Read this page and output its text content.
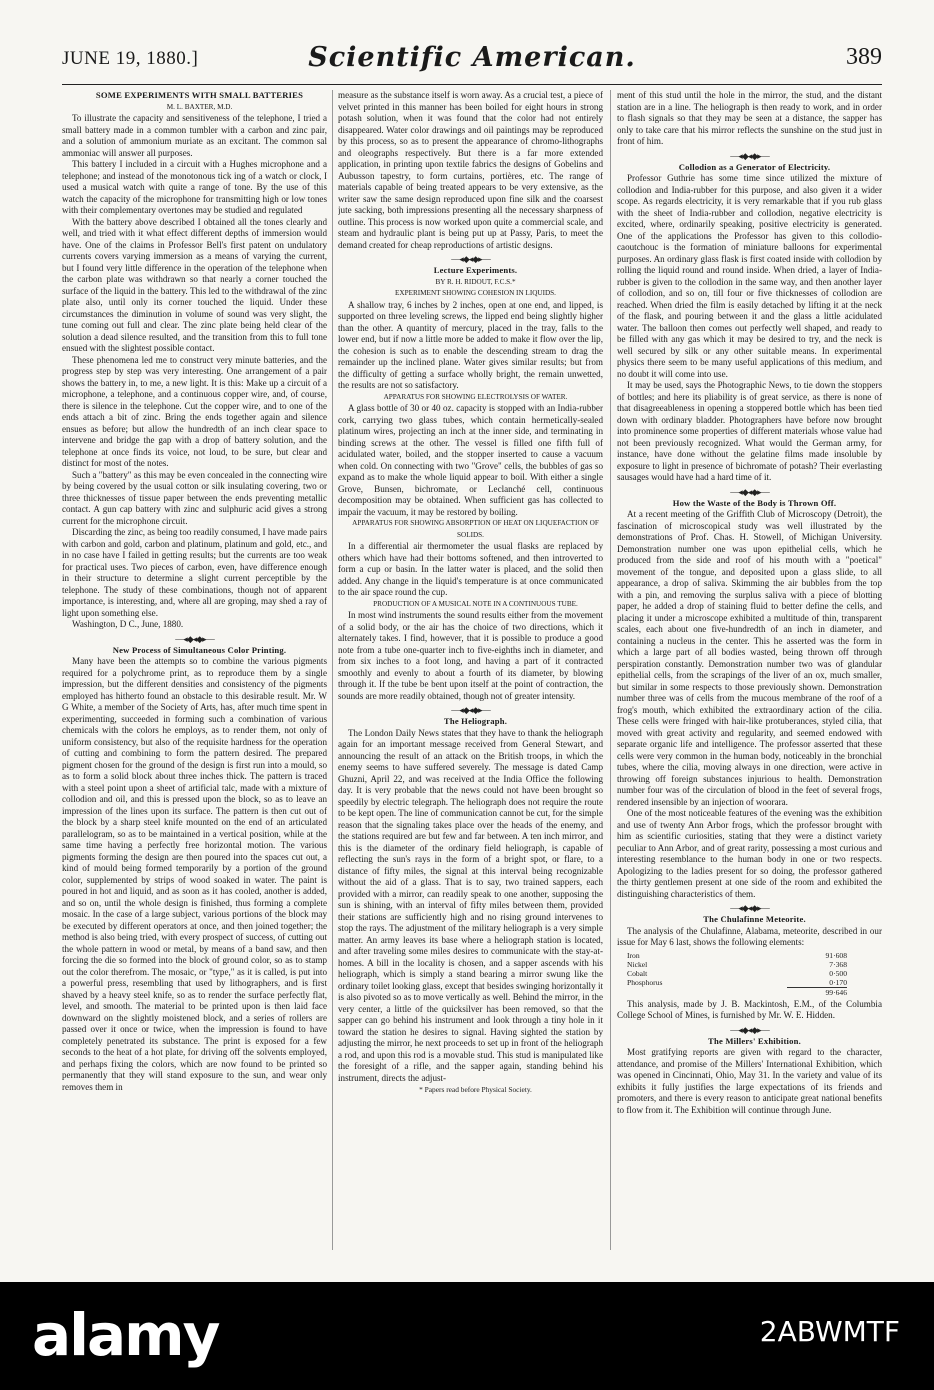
JUNE 19, 1880.]	Scientific American.	389

SOME EXPERIMENTS WITH SMALL BATTERIES

M. L. BAXTER, M.D.

To illustrate the capacity and sensitiveness of the telephone, I tried a small battery made in a common tumbler with a carbon and zinc pair, and a solution of ammonium muriate as an excitant. The common sal ammoniac will answer all purposes.

This battery I included in a circuit with a Hughes microphone and a telephone; and instead of the monotonous tick ing of a watch or clock, I used a musical watch with quite a range of tone. By the use of this watch the capacity of the microphone for transmitting high or low tones with their complementary overtones may be studied and regulated

With the battery above described I obtained all the tones clearly and well, and tried with it what effect different depths of immersion would have. One of the claims in Professor Bell's first patent on undulatory currents covers varying immersion as a means of varying the current, but I found very little difference in the operation of the telephone when the carbon plate was withdrawn so that nearly a corner touched the surface of the liquid in the battery. This led to the withdrawal of the zinc plate also, until only its corner touched the liquid. Under these circumstances the diminution in volume of sound was very slight, the tune coming out full and clear. The zinc plate being held clear of the solution a dead silence resulted, and the transition from this to full tone ensued with the slightest possible contact.

These phenomena led me to construct very minute batteries, and the progress step by step was very interesting. One arrangement of a pair shows the battery in, to me, a new light. It is this: Make up a circuit of a microphone, a telephone, and a continuous copper wire, and, of course, there is silence in the telephone. Cut the copper wire, and to one of the ends attach a bit of zinc. Bring the ends together again and silence ensues as before; but allow the hundredth of an inch clear space to intervene and bridge the gap with a drop of battery solution, and the telephone at once finds its voice, not loud, to be sure, but clear and distinct for most of the notes.

Such a "battery" as this may be even concealed in the connecting wire by being covered by the usual cotton or silk insulating covering, two or three thicknesses of tissue paper between the ends preventing metallic contact. A gun cap battery with zinc and sulphuric acid gives a strong current for the microphone circuit.

Discarding the zinc, as being too readily consumed, I have made pairs with carbon and gold, carbon and platinum, platinum and gold, etc., and in no case have I failed in getting results; but the currents are too weak for practical uses. Two pieces of carbon, even, have difference enough in their structure to determine a slight current perceptible by the telephone. The study of these combinations, though not of apparent importance, is interesting, and, where all are groping, may shed a ray of light upon something else.

Washington, D C., June, 1880.

—◂◆◂◆▸—

New Process of Simultaneous Color Printing.

Many have been the attempts so to combine the various pigments required for a polychrome print, as to reproduce them by a single impression, but the different densities and consistency of the pigments employed has hitherto found an obstacle to this desirable result. Mr. W G White, a member of the Society of Arts, has, after much time spent in experimenting, succeeded in forming such a combination of various chemicals with the colors he employs, as to render them, not only of uniform consistency, but also of the requisite hardness for the operation of cutting and combining to form the pattern desired. The prepared pigment chosen for the ground of the design is first run into a mould, so as to form a solid block about three inches thick. The pattern is traced with a steel point upon a sheet of artificial talc, made with a mixture of collodion and oil, and this is pressed upon the block, so as to leave an impression of the lines upon its surface. The pattern is then cut out of the block by a sharp steel knife mounted on the end of an articulated parallelogram, so as to be maintained in a vertical position, while at the same time having a perfectly free horizontal motion. The various pigments forming the design are then poured into the spaces cut out, a kind of mould being formed temporarily by a portion of the ground color, supplemented by strips of wood soaked in water. The paint is poured in hot and liquid, and as soon as it has cooled, another is added, and so on, until the whole design is finished, thus forming a complete mosaic. In the case of a large subject, various portions of the block may be executed by different operators at once, and then joined together; the method is also being tried, with every prospect of success, of cutting out the whole pattern in wood or metal, by means of a band saw, and then forcing the die so formed into the block of ground color, so as to stamp out the color therefrom. The mosaic, or "type," as it is called, is put into a powerful press, resembling that used by lithographers, and is first shaved by a heavy steel knife, so as to render the surface perfectly flat, level, and smooth. The material to be printed upon is then laid face downward on the slightly moistened block, and a series of rollers are passed over it once or twice, when the impression is found to have completely penetrated its substance. The print is exposed for a few seconds to the heat of a hot plate, for driving off the solvents employed, and perhaps fixing the colors, which are now found to be printed so permanently that they will stand exposure to the sun, and wear only removes them in

measure as the substance itself is worn away. As a crucial test, a piece of velvet printed in this manner has been boiled for eight hours in strong potash solution, when it was found that the color had not entirely disappeared. Water color drawings and oil paintings may be reproduced by this process, so as to present the appearance of chromo-lithographs and oleographs respectively. But there is a far more extended application, in printing upon textile fabrics the designs of Gobelins and Aubusson tapestry, to form curtains, portières, etc. The range of materials capable of being treated appears to be very extensive, as the writer saw the same design reproduced upon fine silk and the coarsest jute sacking, both impressions presenting all the necessary sharpness of outline. This process is now worked upon quite a commercial scale, and steam and hydraulic plant is being put up at Passy, Paris, to meet the demand created for cheap reproductions of artistic designs.

—◂◆◂◆▸—

Lecture Experiments.

BY R. H. RIDOUT, F.C.S.*

EXPERIMENT SHOWING COHESION IN LIQUIDS.

A shallow tray, 6 inches by 2 inches, open at one end, and lipped, is supported on three leveling screws, the lipped end being slightly higher than the other. A quantity of mercury, placed in the tray, falls to the lower end, but if now a little more be added to make it flow over the lip, the cohesion is such as to enable the descending stream to drag the remainder up the inclined plane. Water gives similar results; but from the difficulty of getting a surface wholly bright, the remain unwetted, the results are not so satisfactory.

APPARATUS FOR SHOWING ELECTROLYSIS OF WATER.

A glass bottle of 30 or 40 oz. capacity is stopped with an India-rubber cork, carrying two glass tubes, which contain hermetically-sealed platinum wires, projecting an inch at the inner side, and terminating in binding screws at the other. The vessel is filled one fifth full of acidulated water, boiled, and the stopper inserted to cause a vacuum when cold. On connecting with two "Grove" cells, the bubbles of gas so expand as to make the whole liquid appear to boil. With either a single Grove, Bunsen, bichromate, or Leclanché cell, continuous decomposition may be obtained. When sufficient gas has collected to impair the vacuum, it may be restored by boiling.

APPARATUS FOR SHOWING ABSORPTION OF HEAT ON LIQUEFACTION OF SOLIDS.

In a differential air thermometer the usual flasks are replaced by others which have had their bottoms softened, and then introverted to form a cup or basin. In the latter water is placed, and the solid then added. Any change in the liquid's temperature is at once communicated to the air space round the cup.

PRODUCTION OF A MUSICAL NOTE IN A CONTINUOUS TUBE.

In most wind instruments the sound results either from the movement of a solid body, or the air has the choice of two directions, which it alternately takes. I find, however, that it is possible to produce a good note from a tube one-quarter inch to five-eighths inch in diameter, and from six inches to a foot long, and having a part of it contracted smoothly and evenly to about a fourth of its diameter, by blowing through it. If the tube be bent upon itself at the point of contraction, the sounds are more readily obtained, though not of greater intensity.

—◂◆◂◆▸—

The Heliograph.

The London Daily News states that they have to thank the heliograph again for an important message received from General Stewart, and announcing the result of an attack on the British troops, in which the enemy seems to have suffered severely. The message is dated Camp Ghuzni, April 22, and was received at the India Office the following day. It is very probable that the news could not have been brought so speedily by electric telegraph. The heliograph does not require the route to be kept open. The line of communication cannot be cut, for the simple reason that the signaling takes place over the heads of the enemy, and the stations required are but few and far between. A ten inch mirror, and this is the diameter of the ordinary field heliograph, is capable of reflecting the sun's rays in the form of a bright spot, or flare, to a distance of fifty miles, the signal at this interval being recognizable without the aid of a glass. That is to say, two trained sappers, each provided with a mirror, can readily speak to one another, supposing the sun is shining, with an interval of fifty miles between them, provided their stations are sufficiently high and no rising ground intervenes to stop the rays. The adjustment of the military heliograph is a very simple matter. An army leaves its base where a heliograph station is located, and after traveling some miles desires to communicate with the stay-at-homes. A bill in the locality is chosen, and a sapper ascends with his heliograph, which is simply a stand bearing a mirror swung like the ordinary toilet looking glass, except that besides swinging horizontally it is also pivoted so as to move vertically as well. Behind the mirror, in the very center, a little of the quicksilver has been removed, so that the sapper can go behind his instrument and look through a tiny hole in it toward the station he desires to signal. Having sighted the station by adjusting the mirror, he next proceeds to set up in front of the heliograph a rod, and upon this rod is a movable stud. This stud is manipulated like the foresight of a rifle, and the sapper again, standing behind his instrument, directs the adjust-

* Papers read before Physical Society.

ment of this stud until the hole in the mirror, the stud, and the distant station are in a line. The heliograph is then ready to work, and in order to flash signals so that they may be seen at a distance, the sapper has only to take care that his mirror reflects the sunshine on the stud just in front of him.

—◂◆◂◆▸—

Collodion as a Generator of Electricity.

Professor Guthrie has some time since utilized the mixture of collodion and India-rubber for this purpose, and also given it a wider scope. As regards electricity, it is very remarkable that if you rub glass with the sheet of India-rubber and collodion, negative electricity is excited, where, ordinarily speaking, positive electricity is generated. One of the applications the Professor has given to this collodio-caoutchouc is the formation of miniature balloons for experimental purposes. An ordinary glass flask is first coated inside with collodion by rolling the liquid round and round inside. When dried, a layer of India-rubber is given to the collodion in the same way, and then another layer of collodion, and so on, till four or five thicknesses of collodion are reached. When dried the film is easily detached by lifting it at the neck of the flask, and pouring between it and the glass a little acidulated water. The balloon then comes out perfectly well shaped, and ready to be filled with any gas which it may be desired to try, and the neck is well secured by silk or any other suitable means. In experimental physics there seem to be many useful applications of this medium, and no doubt it will come into use.

It may be used, says the Photographic News, to tie down the stoppers of bottles; and here its pliability is of great service, as there is none of that disagreeableness in opening a stoppered bottle which has been tied down with ordinary bladder. Photographers have before now brought into prominence some properties of different materials whose value had not been previously recognized. What would the German army, for instance, have done without the gelatine films made insoluble by exposure to light in presence of bichromate of potash? Their everlasting sausages would have had a hard time of it.

—◂◆◂◆▸—

How the Waste of the Body is Thrown Off.

At a recent meeting of the Griffith Club of Microscopy (Detroit), the fascination of microscopical study was well illustrated by the demonstrations of Prof. Chas. H. Stowell, of Michigan University. Demonstration number one was upon epithelial cells, which he produced from the side and roof of his mouth with a "poetical" movement of the tongue, and deposited upon a glass slide, to all appearance, a drop of saliva. Skimming the air bubbles from the top with a pin, and removing the surplus saliva with a piece of blotting paper, he added a drop of staining fluid to better define the cells, and placing it under a microscope exhibited a multitude of thin, transparent scales, each about one five-hundredth of an inch in diameter, and containing a nucleus in the center. This he asserted was the form in which a large part of all bodies wasted, being thrown off through perspiration constantly. Demonstration number two was of glandular epithelial cells, from the scrapings of the liver of an ox, much smaller, but similar in some respects to those previously shown. Demonstration number three was of cells from the mucous membrane of the roof of a frog's mouth, which exhibited the extraordinary action of the cilia. These cells were fringed with hair-like protuberances, styled cilia, that moved with great activity and regularity, and seemed endowed with separate organic life and intelligence. The professor asserted that these cells were very common in the human body, noticeably in the bronchial tubes, where the cilia, moving always in one direction, were active in throwing off foreign substances injurious to health. Demonstration number four was of the circulation of blood in the feet of several frogs, rendered insensible by an injection of woorara.

One of the most noticeable features of the evening was the exhibition and use of twenty Ann Arbor frogs, which the professor brought with him as scientific curiosities, stating that they were a distinct variety peculiar to Ann Arbor, and of great rarity, possessing a most curious and interesting resemblance to the human body in one or two respects. Apologizing to the ladies present for so doing, the professor gathered the thirty gentlemen present at one side of the room and exhibited the distinguishing characteristics of them.

—◂◆◂◆▸—

The Chulafinne Meteorite.

The analysis of the Chulafinne, Alabama, meteorite, described in our issue for May 6 last, shows the following elements:

Iron	91·608
Nickel	7·368
Cobalt	0·500
Phosphorus	0·170
99·646

This analysis, made by J. B. Mackintosh, E.M., of the Columbia College School of Mines, is furnished by Mr. W. E. Hidden.

—◂◆◂◆▸—

The Millers' Exhibition.

Most gratifying reports are given with regard to the character, attendance, and promise of the Millers' International Exhibition, which was opened in Cincinnati, Ohio, May 31. In the variety and value of its exhibits it fully justifies the large expectations of its friends and promoters, and there is every reason to anticipate great national benefits to flow from it. The Exhibition will continue through June.

alamy	2ABWMTF
